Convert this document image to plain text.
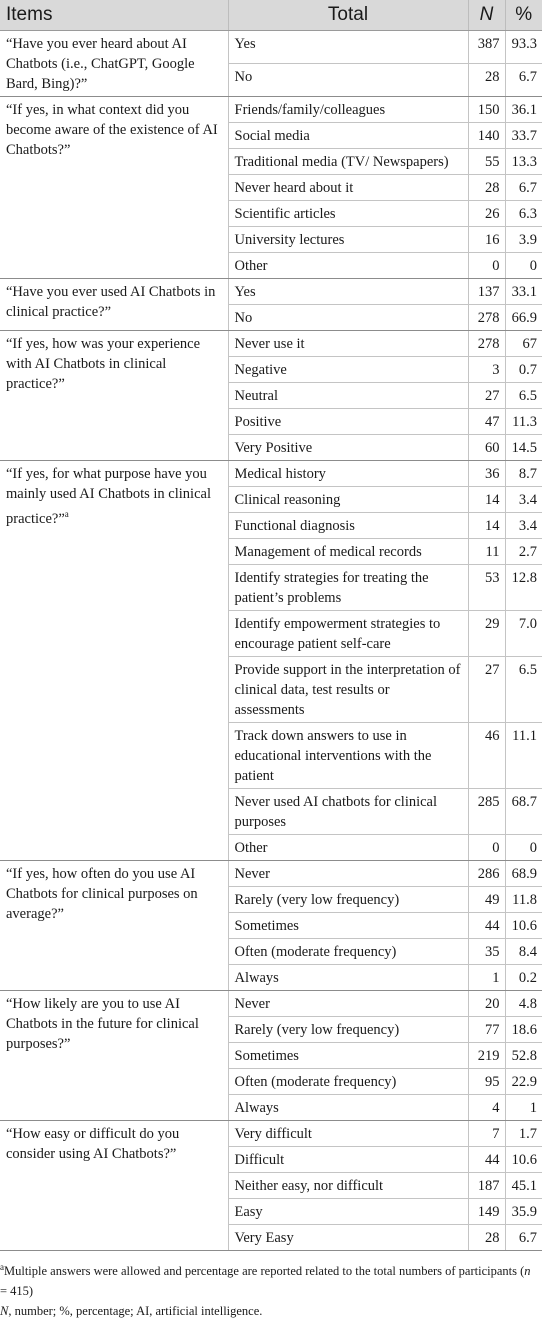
Items	Total	N	%
“Have you ever heard about AI Chatbots (i.e., ChatGPT, Google Bard, Bing)?”	Yes	387	93.3
	No	28	6.7
“If yes, in what context did you become aware of the existence of AI Chatbots?”	Friends/family/colleagues	150	36.1
	Social media	140	33.7
	Traditional media (TV/ Newspapers)	55	13.3
	Never heard about it	28	6.7
	Scientific articles	26	6.3
	University lectures	16	3.9
	Other	0	0
“Have you ever used AI Chatbots in clinical practice?”	Yes	137	33.1
	No	278	66.9
“If yes, how was your experience with AI Chatbots in clinical practice?”	Never use it	278	67
	Negative	3	0.7
	Neutral	27	6.5
	Positive	47	11.3
	Very Positive	60	14.5
“If yes, for what purpose have you mainly used AI Chatbots in clinical practice?”$^a$	Medical history	36	8.7
	Clinical reasoning	14	3.4
	Functional diagnosis	14	3.4
	Management of medical records	11	2.7
	Identify strategies for treating the patient’s problems	53	12.8
	Identify empowerment strategies to encourage patient self-care	29	7.0
	Provide support in the interpretation of clinical data, test results or assessments	27	6.5
	Track down answers to use in educational interventions with the patient	46	11.1
	Never used AI chatbots for clinical purposes	285	68.7
	Other	0	0
“If yes, how often do you use AI Chatbots for clinical purposes on average?”	Never	286	68.9
	Rarely (very low frequency)	49	11.8
	Sometimes	44	10.6
	Often (moderate frequency)	35	8.4
	Always	1	0.2
“How likely are you to use AI Chatbots in the future for clinical purposes?”	Never	20	4.8
	Rarely (very low frequency)	77	18.6
	Sometimes	219	52.8
	Often (moderate frequency)	95	22.9
	Always	4	1
“How easy or difficult do you consider using AI Chatbots?”	Very difficult	7	1.7
	Difficult	44	10.6
	Neither easy, nor difficult	187	45.1
	Easy	149	35.9
	Very Easy	28	6.7

$^a$Multiple answers were allowed and percentage are reported related to the total numbers of participants (n = 415)

N, number; %, percentage; AI, artificial intelligence.
